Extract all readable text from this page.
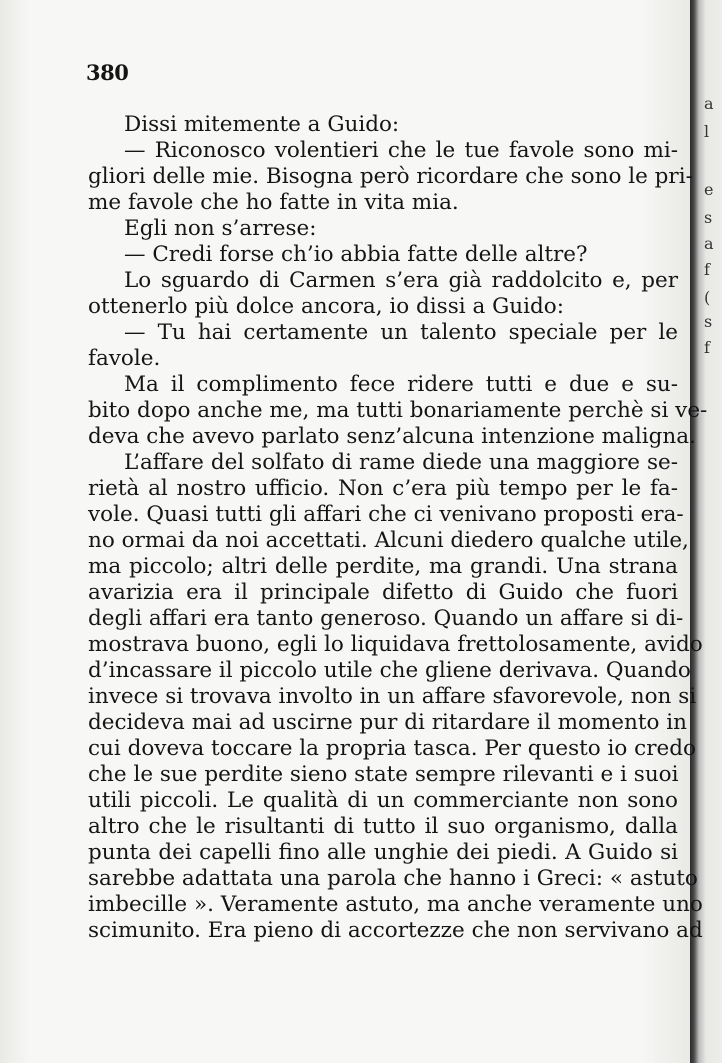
a
l
e
s
a
f
(
s
f
380
Dissi mitemente a Guido:
— Riconosco volentieri che le tue favole sono mi-
gliori delle mie. Bisogna però ricordare che sono le pri-
me favole che ho fatte in vita mia.
Egli non s’arrese:
— Credi forse ch’io abbia fatte delle altre?
Lo sguardo di Carmen s’era già raddolcito e, per
ottenerlo più dolce ancora, io dissi a Guido:
— Tu hai certamente un talento speciale per le
favole.
Ma il complimento fece ridere tutti e due e su-
bito dopo anche me, ma tutti bonariamente perchè si ve-
deva che avevo parlato senz’alcuna intenzione maligna.
L’affare del solfato di rame diede una maggiore se-
rietà al nostro ufficio. Non c’era più tempo per le fa-
vole. Quasi tutti gli affari che ci venivano proposti era-
no ormai da noi accettati. Alcuni diedero qualche utile,
ma piccolo; altri delle perdite, ma grandi. Una strana
avarizia era il principale difetto di Guido che fuori
degli affari era tanto generoso. Quando un affare si di-
mostrava buono, egli lo liquidava frettolosamente, avido
d’incassare il piccolo utile che gliene derivava. Quando
invece si trovava involto in un affare sfavorevole, non si
decideva mai ad uscirne pur di ritardare il momento in
cui doveva toccare la propria tasca. Per questo io credo
che le sue perdite sieno state sempre rilevanti e i suoi
utili piccoli. Le qualità di un commerciante non sono
altro che le risultanti di tutto il suo organismo, dalla
punta dei capelli fino alle unghie dei piedi. A Guido si
sarebbe adattata una parola che hanno i Greci: « astuto
imbecille ». Veramente astuto, ma anche veramente uno
scimunito. Era pieno di accortezze che non servivano ad
